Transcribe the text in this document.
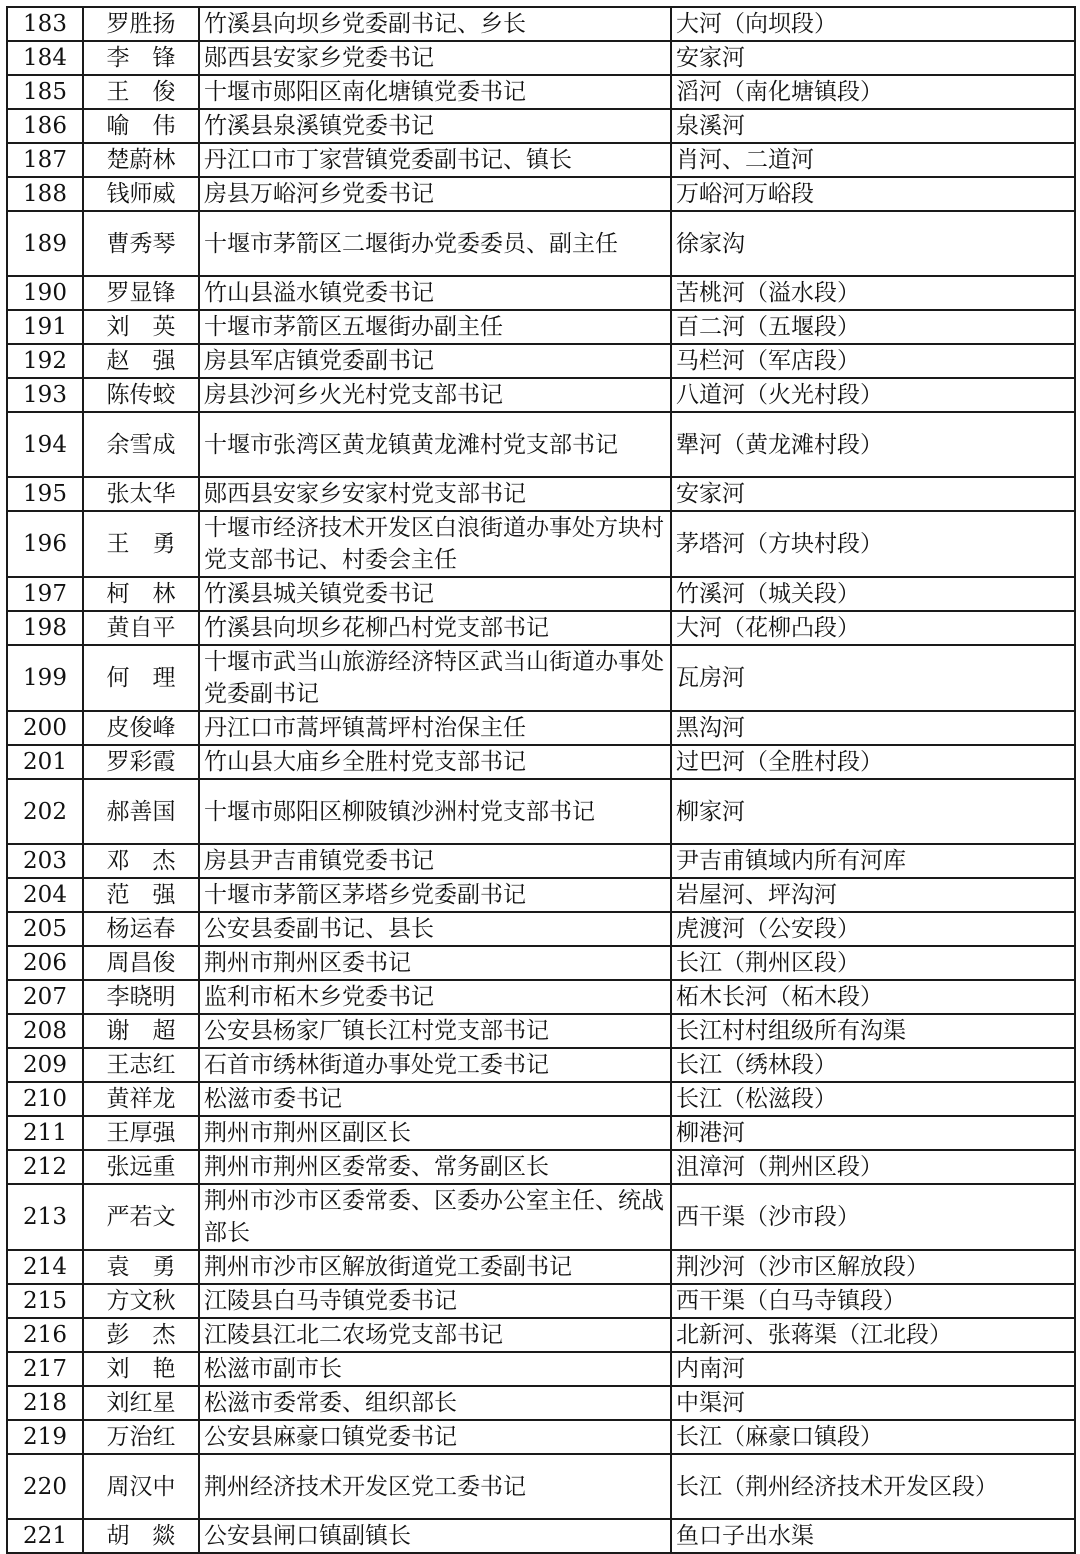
183	罗胜扬	竹溪县向坝乡党委副书记、乡长	大河（向坝段）
184	李　锋	郧西县安家乡党委书记	安家河
185	王　俊	十堰市郧阳区南化塘镇党委书记	滔河（南化塘镇段）
186	喻　伟	竹溪县泉溪镇党委书记	泉溪河
187	楚蔚林	丹江口市丁家营镇党委副书记、镇长	肖河、二道河
188	钱师威	房县万峪河乡党委书记	万峪河万峪段
189	曹秀琴	十堰市茅箭区二堰街办党委委员、副主任	徐家沟
190	罗显锋	竹山县溢水镇党委书记	苦桃河（溢水段）
191	刘　英	十堰市茅箭区五堰街办副主任	百二河（五堰段）
192	赵　强	房县军店镇党委副书记	马栏河（军店段）
193	陈传蛟	房县沙河乡火光村党支部书记	八道河（火光村段）
194	余雪成	十堰市张湾区黄龙镇黄龙滩村党支部书记	犟河（黄龙滩村段）
195	张太华	郧西县安家乡安家村党支部书记	安家河
196	王　勇	十堰市经济技术开发区白浪街道办事处方块村党支部书记、村委会主任	茅塔河（方块村段）
197	柯　林	竹溪县城关镇党委书记	竹溪河（城关段）
198	黄自平	竹溪县向坝乡花柳凸村党支部书记	大河（花柳凸段）
199	何　理	十堰市武当山旅游经济特区武当山街道办事处党委副书记	瓦房河
200	皮俊峰	丹江口市蒿坪镇蒿坪村治保主任	黑沟河
201	罗彩霞	竹山县大庙乡全胜村党支部书记	过巴河（全胜村段）
202	郝善国	十堰市郧阳区柳陂镇沙洲村党支部书记	柳家河
203	邓　杰	房县尹吉甫镇党委书记	尹吉甫镇域内所有河库
204	范　强	十堰市茅箭区茅塔乡党委副书记	岩屋河、坪沟河
205	杨运春	公安县委副书记、县长	虎渡河（公安段）
206	周昌俊	荆州市荆州区委书记	长江（荆州区段）
207	李晓明	监利市柘木乡党委书记	柘木长河（柘木段）
208	谢　超	公安县杨家厂镇长江村党支部书记	长江村村组级所有沟渠
209	王志红	石首市绣林街道办事处党工委书记	长江（绣林段）
210	黄祥龙	松滋市委书记	长江（松滋段）
211	王厚强	荆州市荆州区副区长	柳港河
212	张远重	荆州市荆州区委常委、常务副区长	沮漳河（荆州区段）
213	严若文	荆州市沙市区委常委、区委办公室主任、统战部长	西干渠（沙市段）
214	袁　勇	荆州市沙市区解放街道党工委副书记	荆沙河（沙市区解放段）
215	方文秋	江陵县白马寺镇党委书记	西干渠（白马寺镇段）
216	彭　杰	江陵县江北二农场党支部书记	北新河、张蒋渠（江北段）
217	刘　艳	松滋市副市长	内南河
218	刘红星	松滋市委常委、组织部长	中渠河
219	万治红	公安县麻豪口镇党委书记	长江（麻豪口镇段）
220	周汉中	荆州经济技术开发区党工委书记	长江（荆州经济技术开发区段）
221	胡　燚	公安县闸口镇副镇长	鱼口子出水渠
